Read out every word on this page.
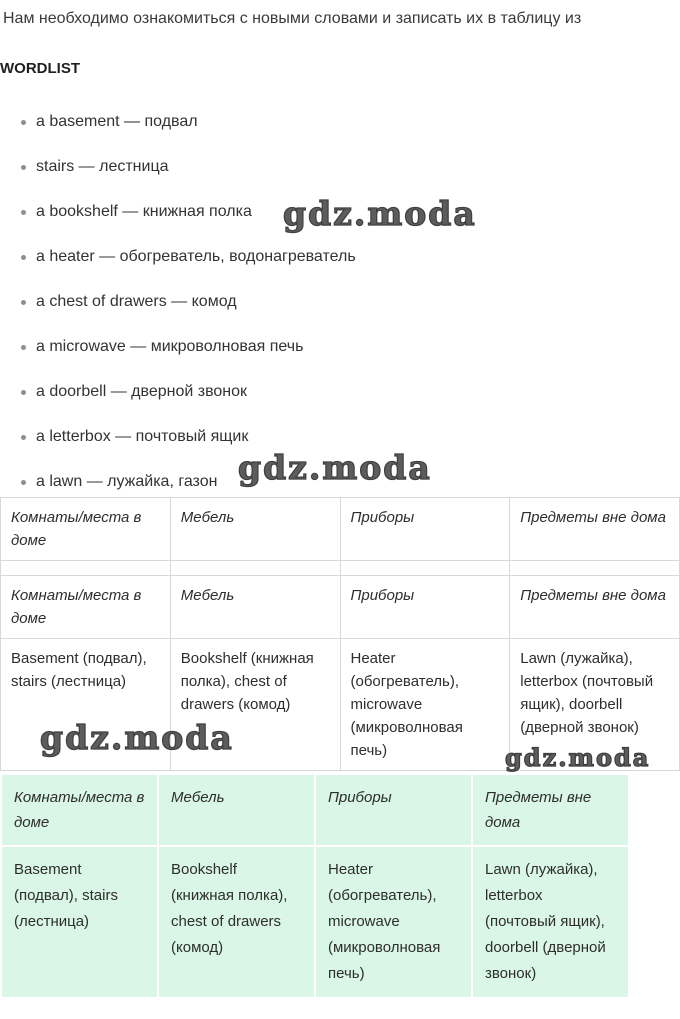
Нам необходимо ознакомиться с новыми словами и записать их в таблицу из

WORDLIST
a basement — подвал
stairs — лестница
a bookshelf — книжная полка
a heater — обогреватель, водонагреватель
a chest of drawers — комод
a microwave — микроволновая печь
a doorbell — дверной звонок
a letterbox — почтовый ящик
a lawn — лужайка, газон
Комнаты/места в доме	Мебель	Приборы	Предметы вне дома

Комнаты/места в доме	Мебель	Приборы	Предметы вне дома
Basement (подвал), stairs (лестница)	Bookshelf (книжная полка), chest of drawers (комод)	Heater (обогреватель), microwave (микроволновая печь)	Lawn (лужайка), letterbox (почтовый ящик), doorbell (дверной звонок)
Комнаты/места в доме	Мебель	Приборы	Предметы вне дома
Basement (подвал), stairs (лестница)	Bookshelf (книжная полка), chest of drawers (комод)	Heater (обогреватель), microwave (микроволновая печь)	Lawn (лужайка), letterbox (почтовый ящик), doorbell (дверной звонок)
gdz.moda
gdz.moda
gdz.moda
gdz.moda
